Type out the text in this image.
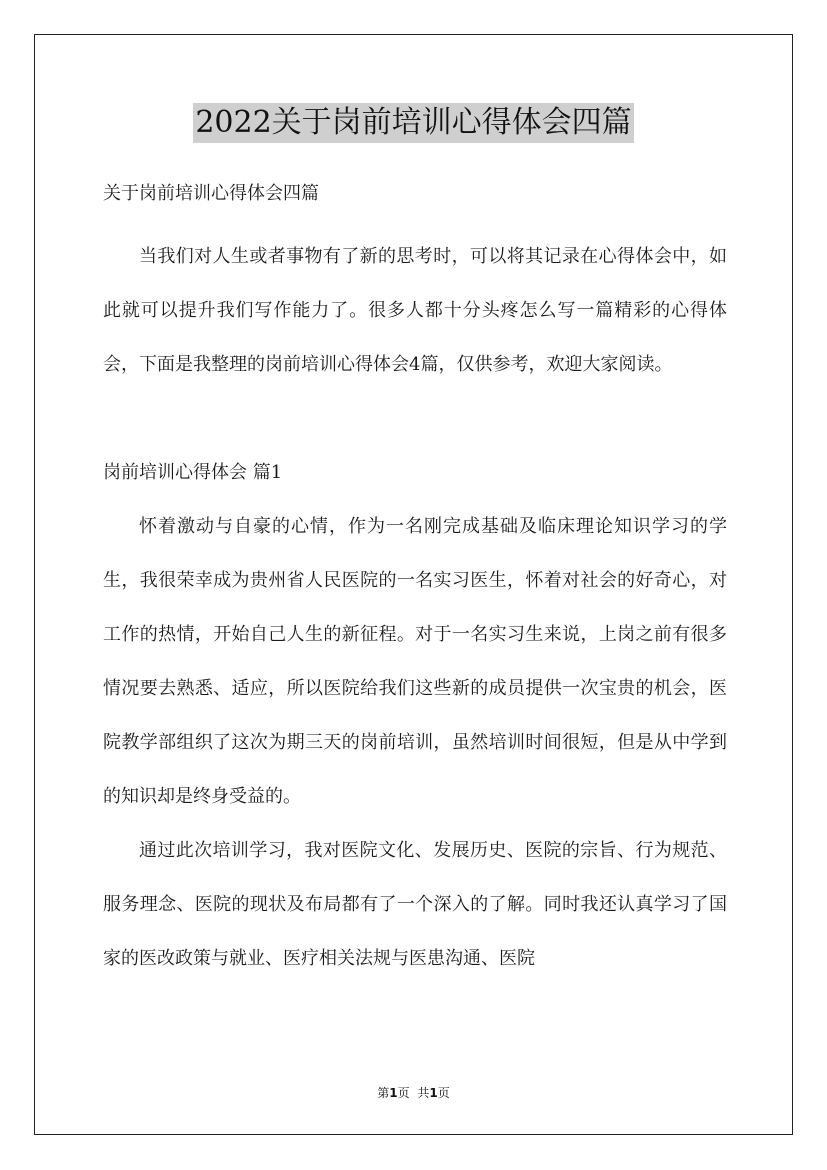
2022关于岗前培训心得体会四篇

关于岗前培训心得体会四篇

当我们对人生或者事物有了新的思考时，可以将其记录在心得体会中，如此就可以提升我们写作能力了。很多人都十分头疼怎么写一篇精彩的心得体会，下面是我整理的岗前培训心得体会4篇，仅供参考，欢迎大家阅读。

岗前培训心得体会 篇1

怀着激动与自豪的心情，作为一名刚完成基础及临床理论知识学习的学生，我很荣幸成为贵州省人民医院的一名实习医生，怀着对社会的好奇心，对工作的热情，开始自己人生的新征程。对于一名实习生来说，上岗之前有很多情况要去熟悉、适应，所以医院给我们这些新的成员提供一次宝贵的机会，医院教学部组织了这次为期三天的岗前培训，虽然培训时间很短，但是从中学到的知识却是终身受益的。

通过此次培训学习，我对医院文化、发展历史、医院的宗旨、行为规范、服务理念、医院的现状及布局都有了一个深入的了解。同时我还认真学习了国家的医改政策与就业、医疗相关法规与医患沟通、医院

第1页 共1页
